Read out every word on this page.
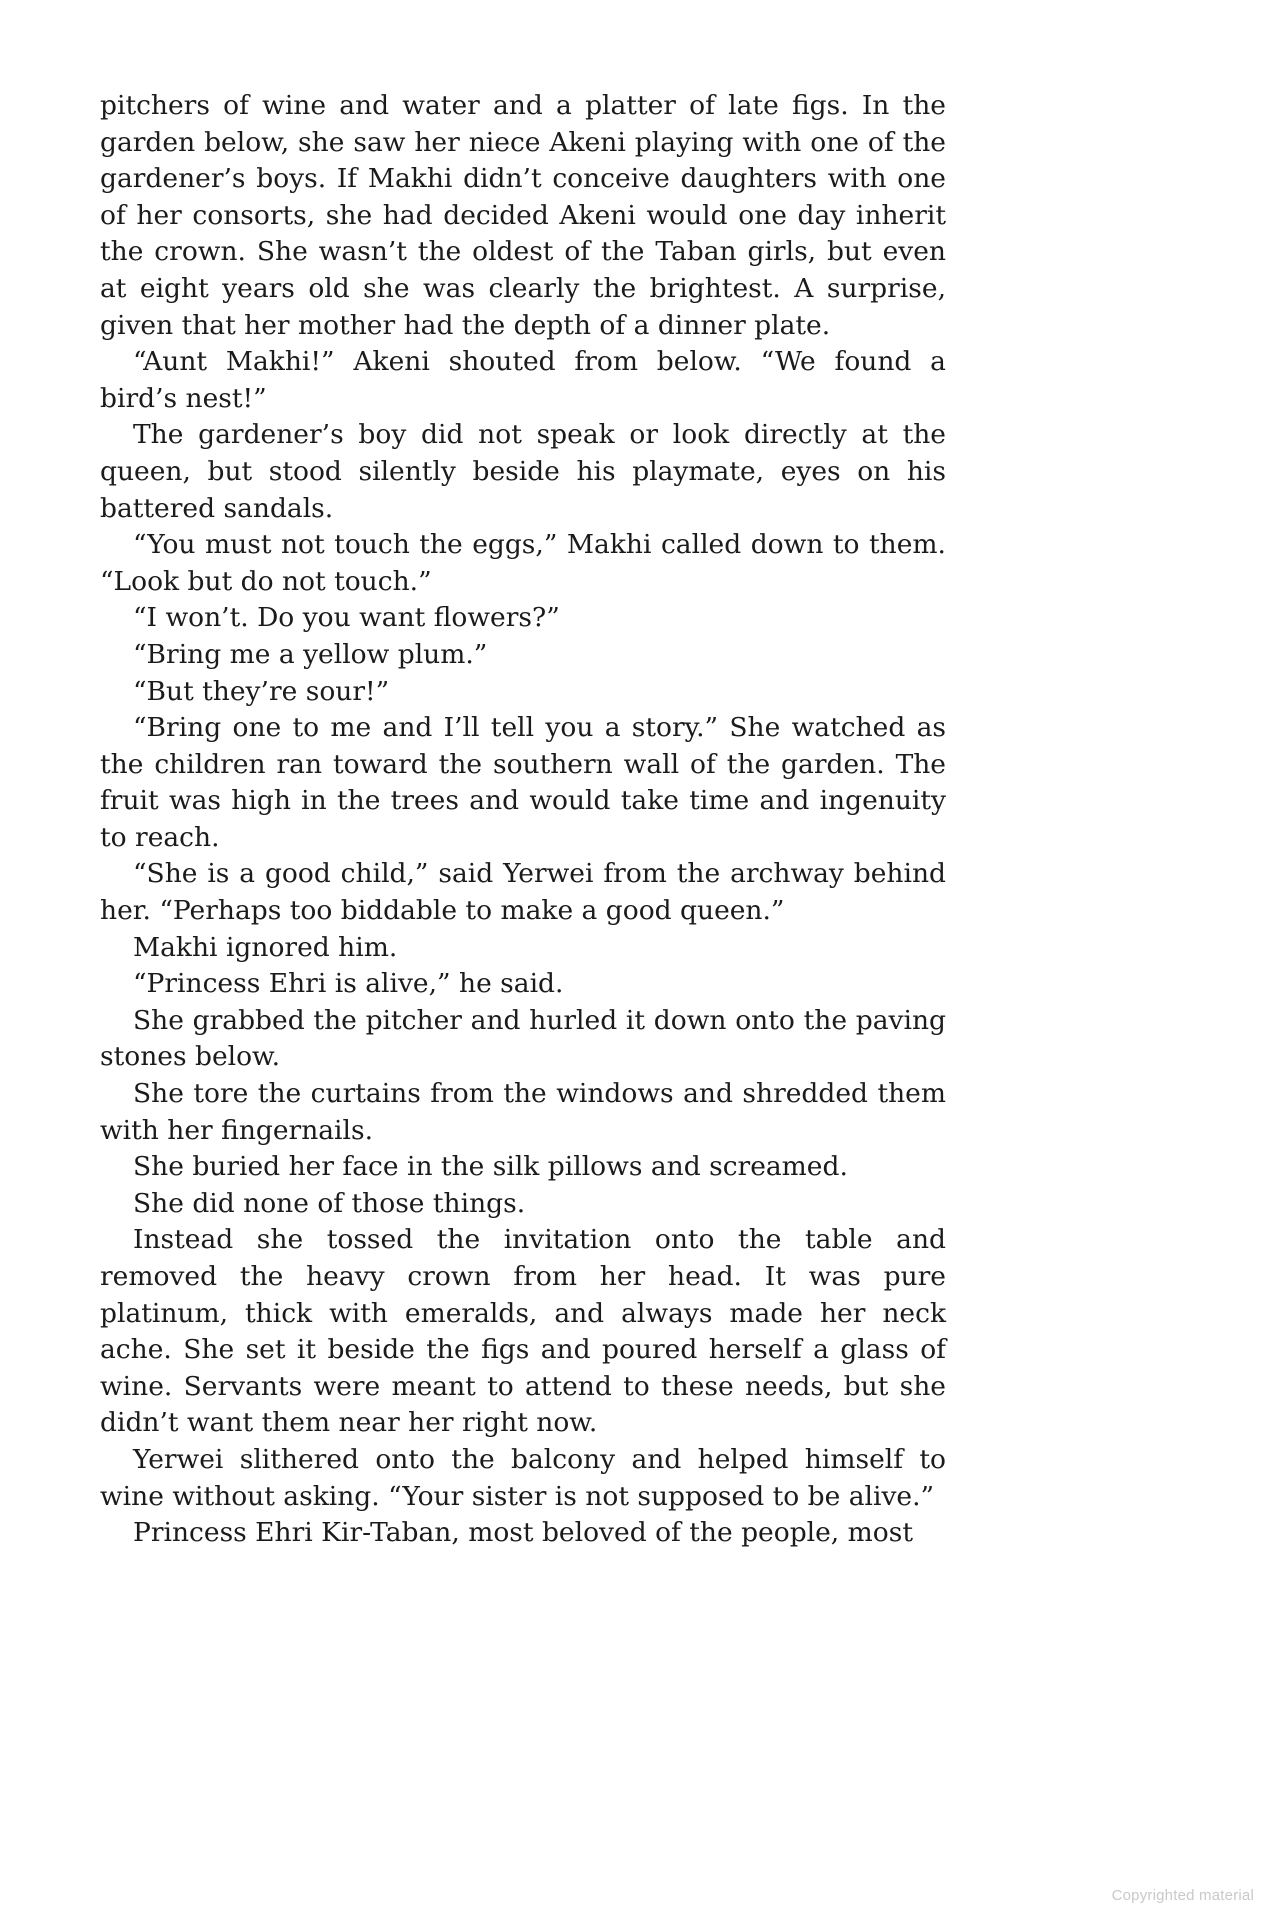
pitchers of wine and water and a platter of late figs. In the garden below, she saw her niece Akeni playing with one of the gardener’s boys. If Makhi didn’t conceive daughters with one of her consorts, she had decided Akeni would one day inherit the crown. She wasn’t the oldest of the Taban girls, but even at eight years old she was clearly the brightest. A surprise, given that her mother had the depth of a dinner plate.

“Aunt Makhi!” Akeni shouted from below. “We found a bird’s nest!”

The gardener’s boy did not speak or look directly at the queen, but stood silently beside his playmate, eyes on his battered sandals.

“You must not touch the eggs,” Makhi called down to them. “Look but do not touch.”

“I won’t. Do you want flowers?”

“Bring me a yellow plum.”

“But they’re sour!”

“Bring one to me and I’ll tell you a story.” She watched as the children ran toward the southern wall of the garden. The fruit was high in the trees and would take time and ingenuity to reach.

“She is a good child,” said Yerwei from the archway behind her. “Perhaps too biddable to make a good queen.”

Makhi ignored him.

“Princess Ehri is alive,” he said.

She grabbed the pitcher and hurled it down onto the paving stones below.

She tore the curtains from the windows and shredded them with her fingernails.

She buried her face in the silk pillows and screamed.

She did none of those things.

Instead she tossed the invitation onto the table and removed the heavy crown from her head. It was pure platinum, thick with emeralds, and always made her neck ache. She set it beside the figs and poured herself a glass of wine. Servants were meant to attend to these needs, but she didn’t want them near her right now.

Yerwei slithered onto the balcony and helped himself to wine without asking. “Your sister is not supposed to be alive.”

Princess Ehri Kir-Taban, most beloved of the people, most

Copyrighted material
